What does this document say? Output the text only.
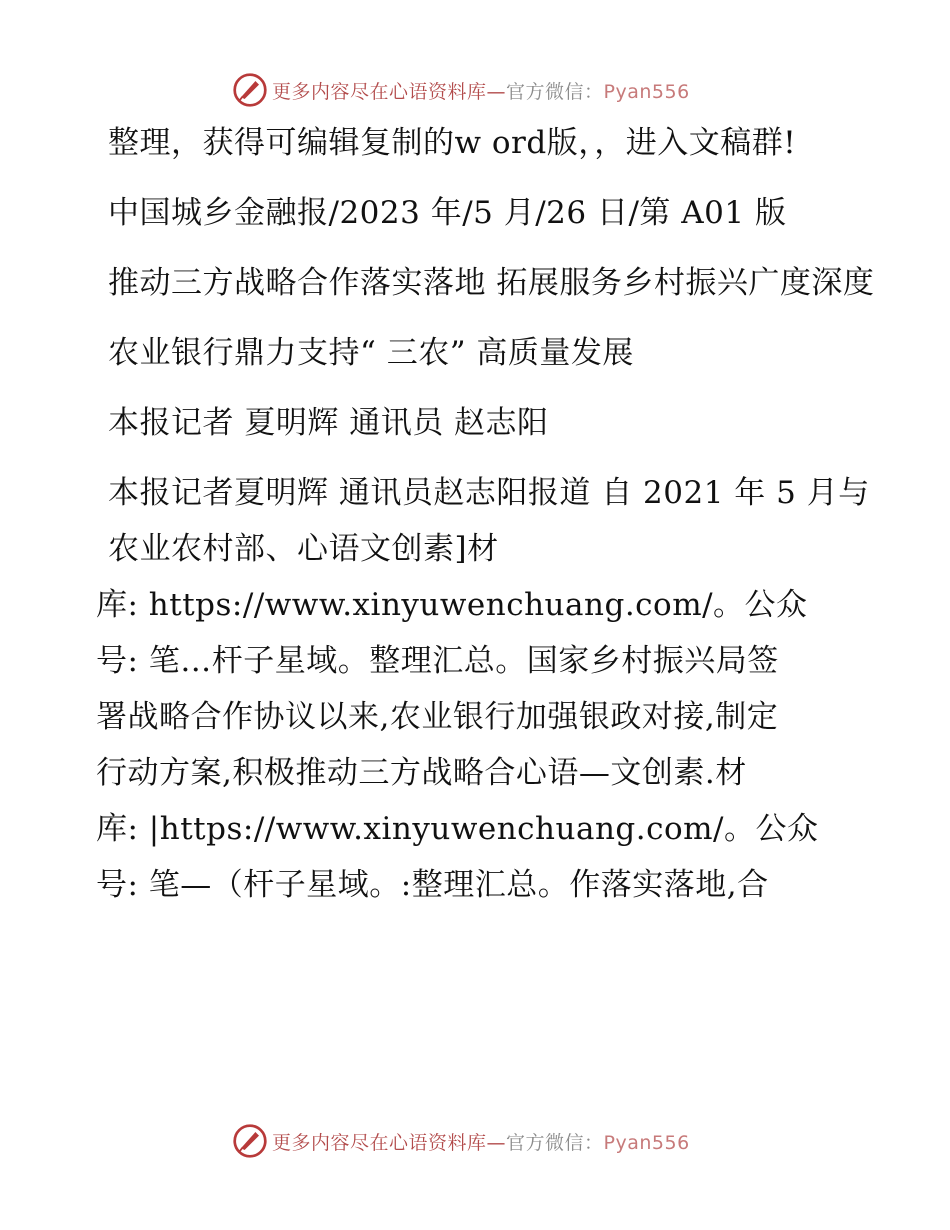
更多内容尽在心语资料库—官方微信：Pyan556

整理，获得可编辑复制的w ord版，，进入文稿群!

中国城乡金融报/2023 年/5 月/26 日/第 A01 版

推动三方战略合作落实落地 拓展服务乡村振兴广度深度

农业银行鼎力支持“ 三农” 高质量发展

本报记者 夏明辉 通讯员 赵志阳

本报记者夏明辉 通讯员赵志阳报道 自 2021 年 5 月与农业农村部、心语文创素]材

库: https://www.xinyuwenchuang.com/。公众

号: 笔…杆子星域。整理汇总。国家乡村振兴局签

署战略合作协议以来,农业银行加强银政对接,制定

行动方案,积极推动三方战略合心语—文创素.材

库: |https://www.xinyuwenchuang.com/。公众

号: 笔—（杆子星域。:整理汇总。作落实落地,合

更多内容尽在心语资料库—官方微信：Pyan556
